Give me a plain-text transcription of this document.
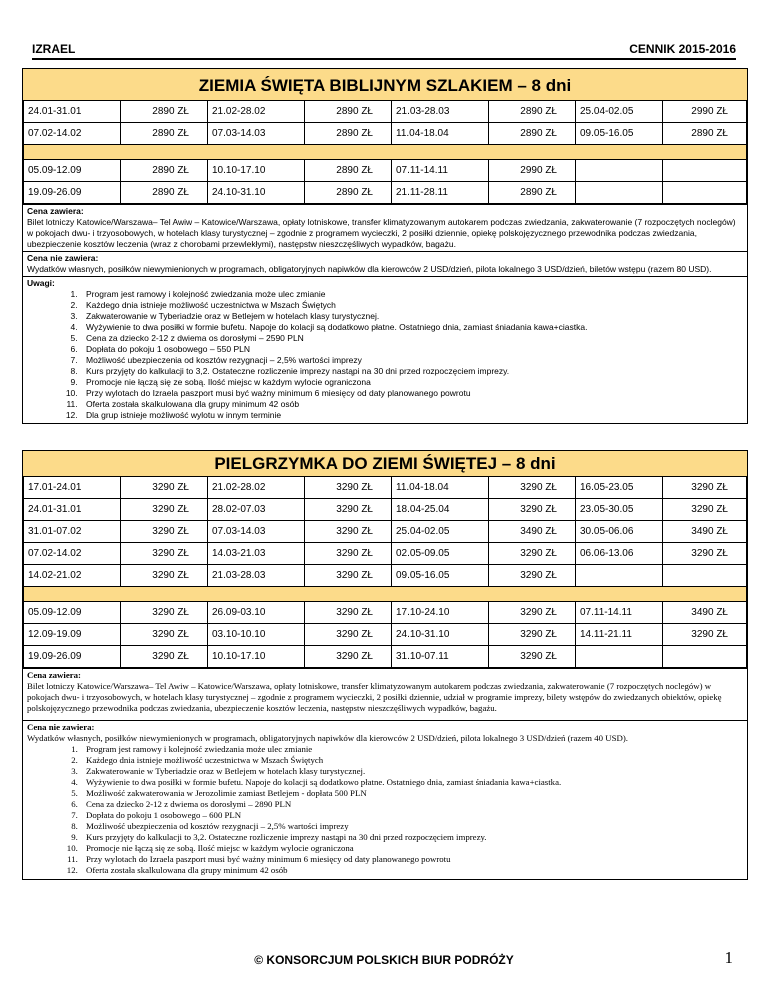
IZRAEL	CENNIK 2015-2016
ZIEMIA ŚWIĘTA BIBLIJNYM SZLAKIEM – 8 dni
24.01-31.01	2890 ZŁ	21.02-28.02	2890 ZŁ	21.03-28.03	2890 ZŁ	25.04-02.05	2990 ZŁ
07.02-14.02	2890 ZŁ	07.03-14.03	2890 ZŁ	11.04-18.04	2890 ZŁ	09.05-16.05	2890 ZŁ

05.09-12.09	2890 ZŁ	10.10-17.10	2890 ZŁ	07.11-14.11	2990 ZŁ		
19.09-26.09	2890 ZŁ	24.10-31.10	2890 ZŁ	21.11-28.11	2890 ZŁ		
Cena zawiera:
Bilet lotniczy Katowice/Warszawa– Tel Awiw – Katowice/Warszawa, opłaty lotniskowe, transfer klimatyzowanym autokarem podczas zwiedzania, zakwaterowanie (7 rozpoczętych noclegów) w pokojach dwu- i trzyosobowych, w hotelach klasy turystycznej – zgodnie z programem wycieczki, 2 posiłki dziennie, opiekę polskojęzycznego przewodnika podczas zwiedzania, ubezpieczenie kosztów leczenia (wraz z chorobami przewlekłymi), następstw nieszczęśliwych wypadków, bagażu.
Cena nie zawiera:
Wydatków własnych, posiłków niewymienionych w programach, obligatoryjnych napiwków dla kierowców 2 USD/dzień, pilota lokalnego 3 USD/dzień, biletów wstępu (razem 80 USD).
Uwagi:
1. Program jest ramowy i kolejność zwiedzania może ulec zmianie
2. Każdego dnia istnieje możliwość uczestnictwa w Mszach Świętych
3. Zakwaterowanie w Tyberiadzie oraz w Betlejem w hotelach klasy turystycznej.
4. Wyżywienie to dwa posiłki w formie bufetu. Napoje do kolacji są dodatkowo płatne. Ostatniego dnia, zamiast śniadania kawa+ciastka.
5. Cena za dziecko 2-12 z dwiema os dorosłymi – 2590 PLN
6. Dopłata do pokoju 1 osobowego – 550 PLN
7. Możliwość ubezpieczenia od kosztów rezygnacji – 2,5% wartości imprezy
8. Kurs przyjęty do kalkulacji to 3,2. Ostateczne rozliczenie imprezy nastąpi na 30 dni przed rozpoczęciem imprezy.
9. Promocje nie łączą się ze sobą. Ilość miejsc w każdym wylocie ograniczona
10. Przy wylotach do Izraela paszport musi być ważny minimum 6 miesięcy od daty planowanego powrotu
11. Oferta została skalkulowana dla grupy minimum 42 osób
12. Dla grup istnieje możliwość wylotu w innym terminie
PIELGRZYMKA DO ZIEMI ŚWIĘTEJ – 8 dni
17.01-24.01	3290 ZŁ	21.02-28.02	3290 ZŁ	11.04-18.04	3290 ZŁ	16.05-23.05	3290 ZŁ
24.01-31.01	3290 ZŁ	28.02-07.03	3290 ZŁ	18.04-25.04	3290 ZŁ	23.05-30.05	3290 ZŁ
31.01-07.02	3290 ZŁ	07.03-14.03	3290 ZŁ	25.04-02.05	3490 ZŁ	30.05-06.06	3490 ZŁ
07.02-14.02	3290 ZŁ	14.03-21.03	3290 ZŁ	02.05-09.05	3290 ZŁ	06.06-13.06	3290 ZŁ
14.02-21.02	3290 ZŁ	21.03-28.03	3290 ZŁ	09.05-16.05	3290 ZŁ		

05.09-12.09	3290 ZŁ	26.09-03.10	3290 ZŁ	17.10-24.10	3290 ZŁ	07.11-14.11	3490 ZŁ
12.09-19.09	3290 ZŁ	03.10-10.10	3290 ZŁ	24.10-31.10	3290 ZŁ	14.11-21.11	3290 ZŁ
19.09-26.09	3290 ZŁ	10.10-17.10	3290 ZŁ	31.10-07.11	3290 ZŁ		
Cena zawiera:
Bilet lotniczy Katowice/Warszawa– Tel Awiw – Katowice/Warszawa, opłaty lotniskowe, transfer klimatyzowanym autokarem podczas zwiedzania, zakwaterowanie (7 rozpoczętych noclegów) w pokojach dwu- i trzyosobowych, w hotelach klasy turystycznej – zgodnie z programem wycieczki, 2 posiłki dziennie, udział w programie imprezy, bilety wstępów do zwiedzanych obiektów, opiekę polskojęzycznego przewodnika podczas zwiedzania, ubezpieczenie kosztów leczenia, następstw nieszczęśliwych wypadków, bagażu.
Cena nie zawiera:
Wydatków własnych, posiłków niewymienionych w programach, obligatoryjnych napiwków dla kierowców 2 USD/dzień, pilota lokalnego 3 USD/dzień (razem 40 USD).
1. Program jest ramowy i kolejność zwiedzania może ulec zmianie
2. Każdego dnia istnieje możliwość uczestnictwa w Mszach Świętych
3. Zakwaterowanie w Tyberiadzie oraz w Betlejem w hotelach klasy turystycznej.
4. Wyżywienie to dwa posiłki w formie bufetu. Napoje do kolacji są dodatkowo płatne. Ostatniego dnia, zamiast śniadania kawa+ciastka.
5. Możliwość zakwaterowania w Jerozolimie zamiast Betlejem - dopłata 500 PLN
6. Cena za dziecko 2-12 z dwiema os dorosłymi – 2890 PLN
7. Dopłata do pokoju 1 osobowego – 600 PLN
8. Możliwość ubezpieczenia od kosztów rezygnacji – 2,5% wartości imprezy
9. Kurs przyjęty do kalkulacji to 3,2. Ostateczne rozliczenie imprezy nastąpi na 30 dni przed rozpoczęciem imprezy.
10. Promocje nie łączą się ze sobą. Ilość miejsc w każdym wylocie ograniczona
11. Przy wylotach do Izraela paszport musi być ważny minimum 6 miesięcy od daty planowanego powrotu
12. Oferta została skalkulowana dla grupy minimum 42 osób
© KONSORCJUM POLSKICH BIUR PODRÓŻY	1
